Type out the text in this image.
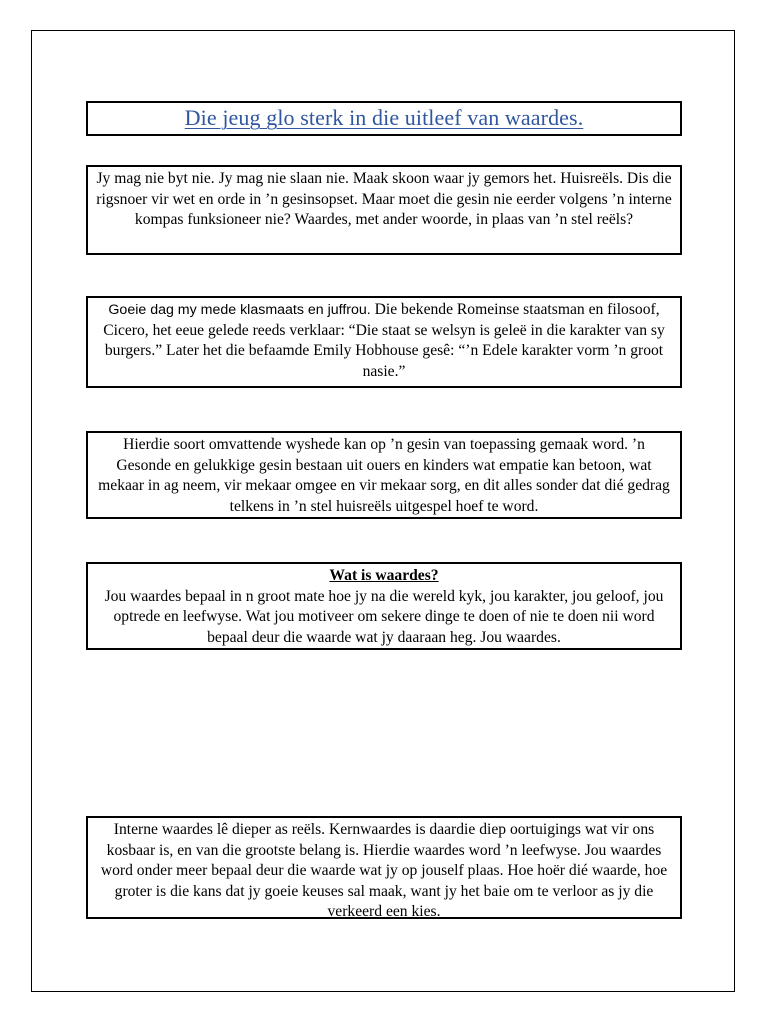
Die jeug glo sterk in die uitleef van waardes.

Jy mag nie byt nie. Jy mag nie slaan nie. Maak skoon waar jy gemors het. Huisreëls. Dis die rigsnoer vir wet en orde in ’n gesinsopset. Maar moet die gesin nie eerder volgens ’n interne kompas funksioneer nie? Waardes, met ander woorde, in plaas van ’n stel reëls?

Goeie dag my mede klasmaats en juffrou. Die bekende Romeinse staatsman en filosoof, Cicero, het eeue gelede reeds verklaar: “Die staat se welsyn is geleë in die karakter van sy burgers.” Later het die befaamde Emily Hobhouse gesê: “’n Edele karakter vorm ’n groot nasie.”

Hierdie soort omvattende wyshede kan op ’n gesin van toepassing gemaak word. ’n Gesonde en gelukkige gesin bestaan uit ouers en kinders wat empatie kan betoon, wat mekaar in ag neem, vir mekaar omgee en vir mekaar sorg, en dit alles sonder dat dié gedrag telkens in ’n stel huisreëls uitgespel hoef te word.

Wat is waardes?

Jou waardes bepaal in n groot mate hoe jy na die wereld kyk, jou karakter, jou geloof, jou optrede en leefwyse. Wat jou motiveer om sekere dinge te doen of nie te doen nii word bepaal deur die waarde wat jy daaraan heg. Jou waardes.

Interne waardes lê dieper as reëls. Kernwaardes is daardie diep oortuigings wat vir ons kosbaar is, en van die grootste belang is. Hierdie waardes word ’n leefwyse. Jou waardes word onder meer bepaal deur die waarde wat jy op jouself plaas. Hoe hoër dié waarde, hoe groter is die kans dat jy goeie keuses sal maak, want jy het baie om te verloor as jy die verkeerd een kies.
